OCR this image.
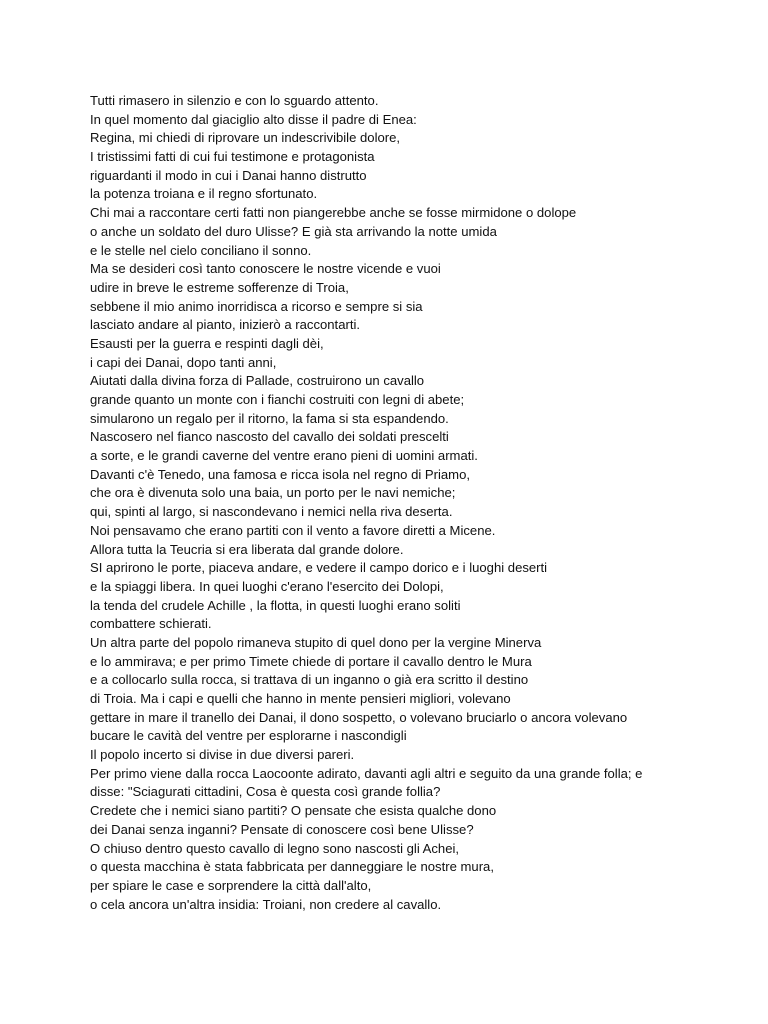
Tutti rimasero in silenzio e con lo sguardo attento.
In quel momento dal giaciglio alto disse il padre di Enea:
Regina, mi chiedi di riprovare un indescrivibile dolore,
I tristissimi fatti di cui fui testimone e protagonista
riguardanti il modo in cui i Danai hanno distrutto
la potenza troiana e il regno sfortunato.
Chi mai a raccontare certi fatti non piangerebbe anche se fosse mirmidone o dolope
o anche un soldato del duro Ulisse? E già sta arrivando la notte umida
e le stelle nel cielo conciliano il sonno.
Ma se desideri così tanto conoscere le nostre vicende e vuoi
udire in breve le estreme sofferenze di Troia,
sebbene il mio animo inorridisca a ricorso e sempre si sia
lasciato andare al pianto, inizierò a raccontarti.
Esausti per la guerra e respinti dagli dèi,
i capi dei Danai, dopo tanti anni,
Aiutati dalla divina forza di Pallade, costruirono un cavallo
grande quanto un monte con i fianchi costruiti con legni di abete;
simularono un regalo per il ritorno, la fama si sta espandendo.
Nascosero nel fianco nascosto del cavallo dei soldati prescelti
a sorte, e le grandi caverne del ventre erano pieni di uomini armati.
Davanti c'è Tenedo, una famosa e ricca isola nel regno di Priamo,
che ora è divenuta solo una baia, un porto per le navi nemiche;
qui, spinti al largo, si nascondevano i nemici nella riva deserta.
Noi pensavamo che erano partiti con il vento a favore diretti a Micene.
Allora tutta la Teucria si era liberata dal grande dolore.
SI aprirono le porte, piaceva andare, e vedere il campo dorico e i luoghi deserti
e la spiaggi libera. In quei luoghi c'erano l'esercito dei Dolopi,
la tenda del crudele Achille , la flotta, in questi luoghi erano soliti
combattere schierati.
Un altra parte del popolo rimaneva stupito di quel dono per la vergine Minerva
e lo ammirava; e per primo Timete chiede di portare il cavallo dentro le Mura
e a collocarlo sulla rocca, si trattava di un inganno o già era scritto il destino
di Troia. Ma i capi e quelli che hanno in mente pensieri migliori, volevano
gettare in mare il tranello dei Danai, il dono sospetto, o volevano bruciarlo o ancora volevano
bucare le cavità del ventre per esplorarne i nascondigli
Il popolo incerto si divise in due diversi pareri.
Per primo viene dalla rocca Laocoonte adirato, davanti agli altri e seguito da una grande folla; e
disse: "Sciagurati cittadini, Cosa è questa così grande follia?
Credete che i nemici siano partiti? O pensate che esista qualche dono
dei Danai senza inganni? Pensate di conoscere così bene Ulisse?
O chiuso dentro questo cavallo di legno sono nascosti gli Achei,
o questa macchina è stata fabbricata per danneggiare le nostre mura,
per spiare le case e sorprendere la città dall'alto,
o cela ancora un'altra insidia: Troiani, non credere al cavallo.
